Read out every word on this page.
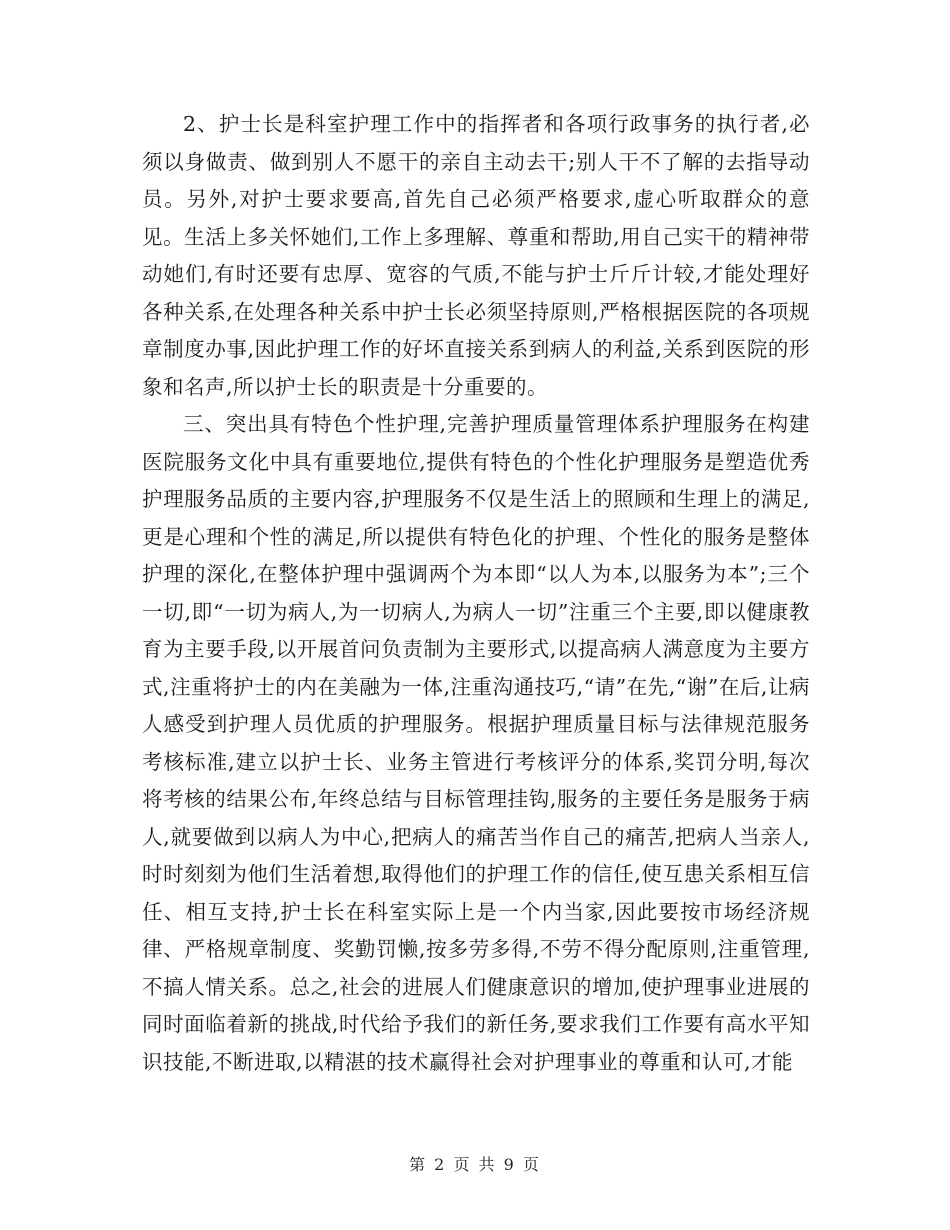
2、护士长是科室护理工作中的指挥者和各项行政事务的执行者,必须以身做责、做到别人不愿干的亲自主动去干;别人干不了解的去指导动员。另外,对护士要求要高,首先自己必须严格要求,虚心听取群众的意见。生活上多关怀她们,工作上多理解、尊重和帮助,用自己实干的精神带动她们,有时还要有忠厚、宽容的气质,不能与护士斤斤计较,才能处理好各种关系,在处理各种关系中护士长必须坚持原则,严格根据医院的各项规章制度办事,因此护理工作的好坏直接关系到病人的利益,关系到医院的形象和名声,所以护士长的职责是十分重要的。

三、突出具有特色个性护理,完善护理质量管理体系护理服务在构建医院服务文化中具有重要地位,提供有特色的个性化护理服务是塑造优秀护理服务品质的主要内容,护理服务不仅是生活上的照顾和生理上的满足,更是心理和个性的满足,所以提供有特色化的护理、个性化的服务是整体护理的深化,在整体护理中强调两个为本即“以人为本,以服务为本”;三个一切,即“一切为病人,为一切病人,为病人一切”注重三个主要,即以健康教育为主要手段,以开展首问负责制为主要形式,以提高病人满意度为主要方式,注重将护士的内在美融为一体,注重沟通技巧,“请”在先,“谢”在后,让病人感受到护理人员优质的护理服务。根据护理质量目标与法律规范服务考核标准,建立以护士长、业务主管进行考核评分的体系,奖罚分明,每次将考核的结果公布,年终总结与目标管理挂钩,服务的主要任务是服务于病人,就要做到以病人为中心,把病人的痛苦当作自己的痛苦,把病人当亲人,时时刻刻为他们生活着想,取得他们的护理工作的信任,使互患关系相互信任、相互支持,护士长在科室实际上是一个内当家,因此要按市场经济规律、严格规章制度、奖勤罚懒,按多劳多得,不劳不得分配原则,注重管理,不搞人情关系。总之,社会的进展人们健康意识的增加,使护理事业进展的同时面临着新的挑战,时代给予我们的新任务,要求我们工作要有高水平知识技能,不断进取,以精湛的技术赢得社会对护理事业的尊重和认可,才能

第 2 页 共 9 页
